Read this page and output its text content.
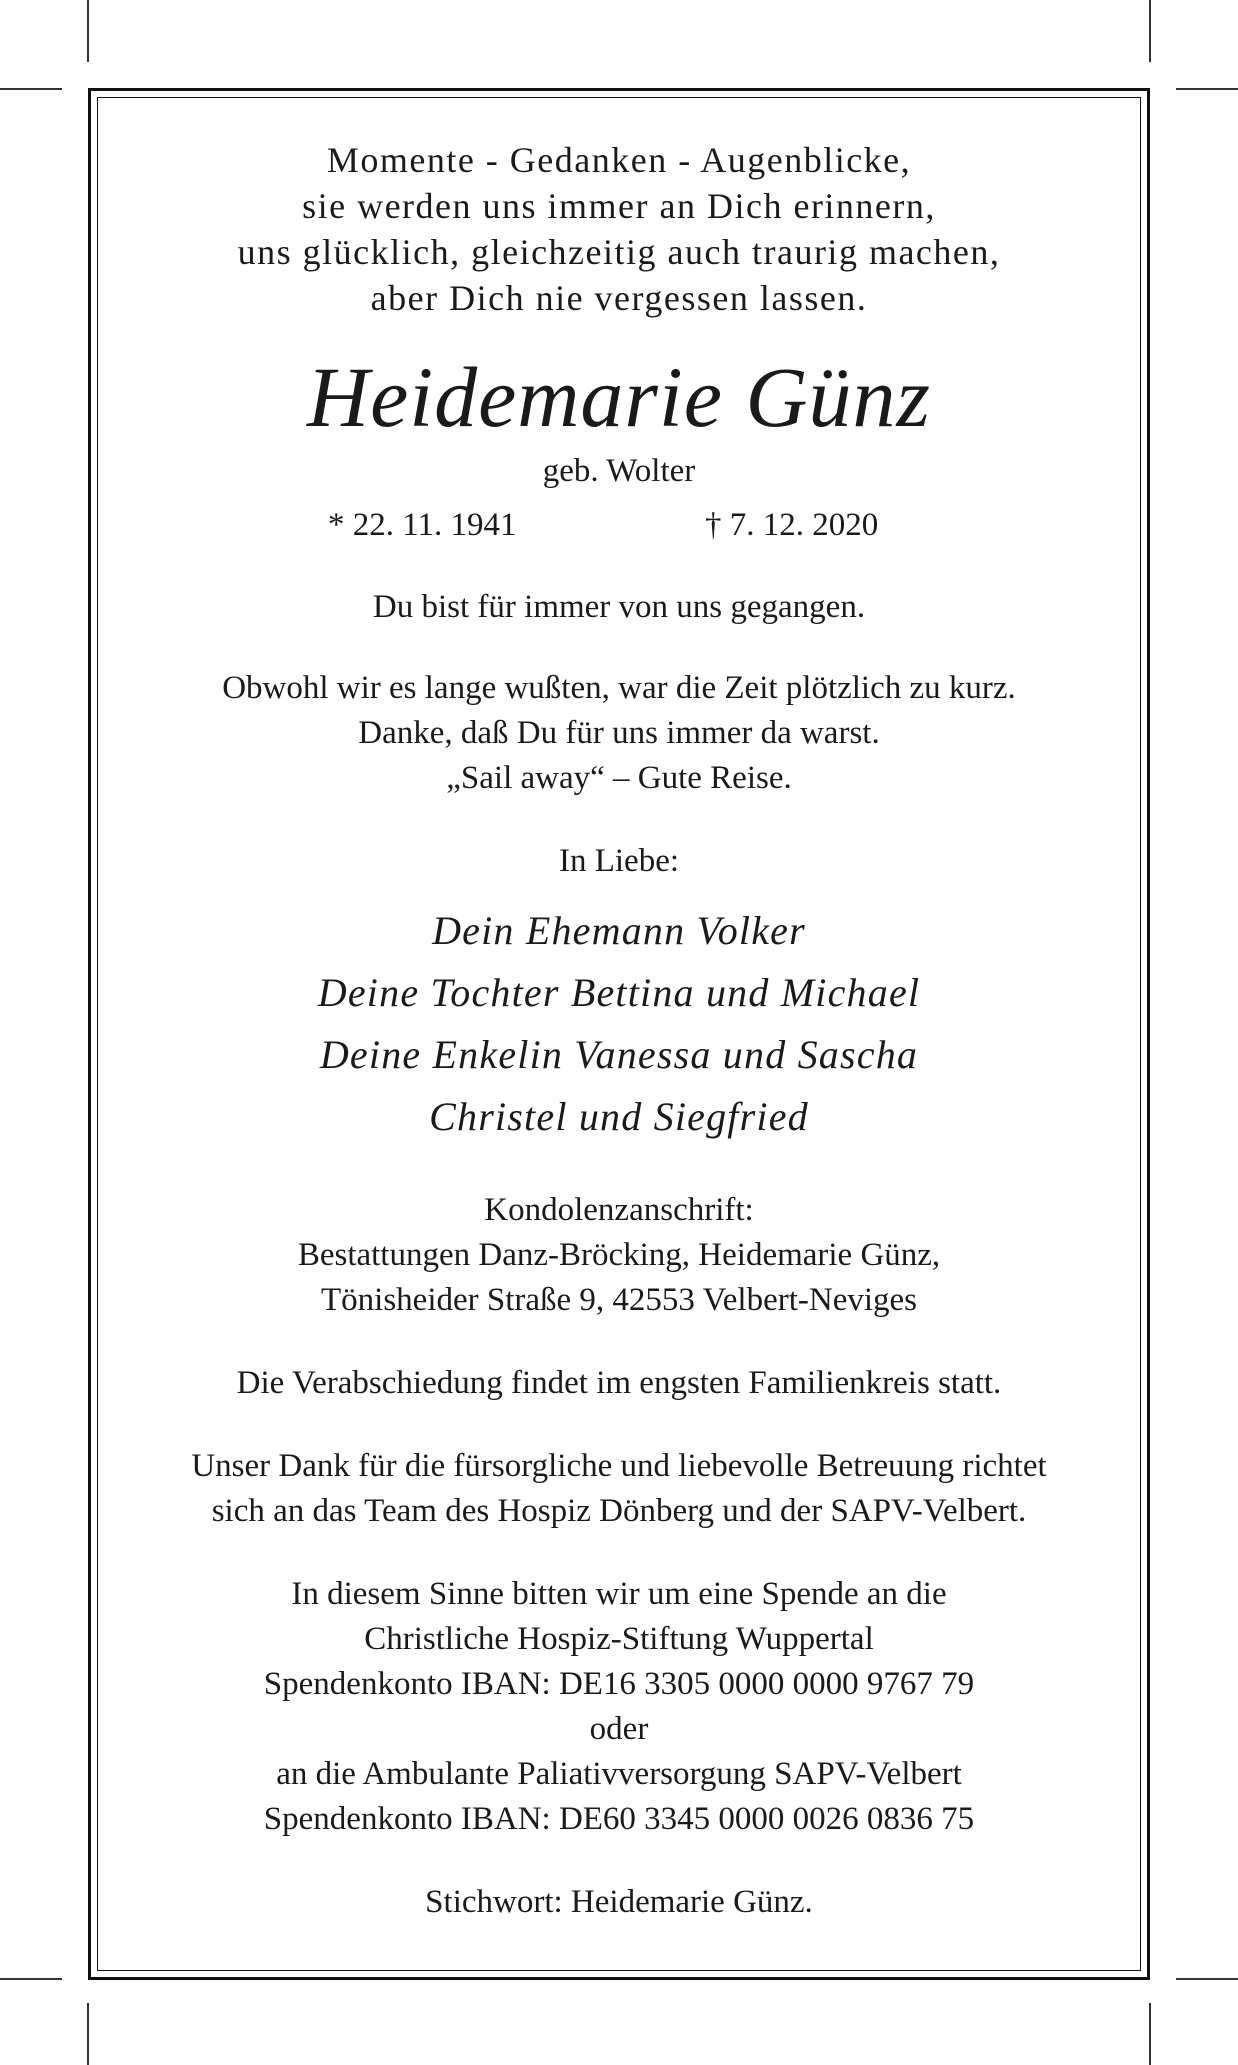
Momente - Gedanken - Augenblicke,
sie werden uns immer an Dich erinnern,
uns glücklich, gleichzeitig auch traurig machen,
aber Dich nie vergessen lassen.
Heidemarie Günz
geb. Wolter
* 22. 11. 1941	† 7. 12. 2020
Du bist für immer von uns gegangen.
Obwohl wir es lange wußten, war die Zeit plötzlich zu kurz.
Danke, daß Du für uns immer da warst.
„Sail away“ – Gute Reise.
In Liebe:
Dein Ehemann Volker
Deine Tochter Bettina und Michael
Deine Enkelin Vanessa und Sascha
Christel und Siegfried
Kondolenzanschrift:
Bestattungen Danz-Bröcking, Heidemarie Günz,
Tönisheider Straße 9, 42553 Velbert-Neviges
Die Verabschiedung findet im engsten Familienkreis statt.
Unser Dank für die fürsorgliche und liebevolle Betreuung richtet
sich an das Team des Hospiz Dönberg und der SAPV-Velbert.
In diesem Sinne bitten wir um eine Spende an die
Christliche Hospiz-Stiftung Wuppertal
Spendenkonto IBAN: DE16 3305 0000 0000 9767 79
oder
an die Ambulante Paliativversorgung SAPV-Velbert
Spendenkonto IBAN: DE60 3345 0000 0026 0836 75
Stichwort: Heidemarie Günz.
